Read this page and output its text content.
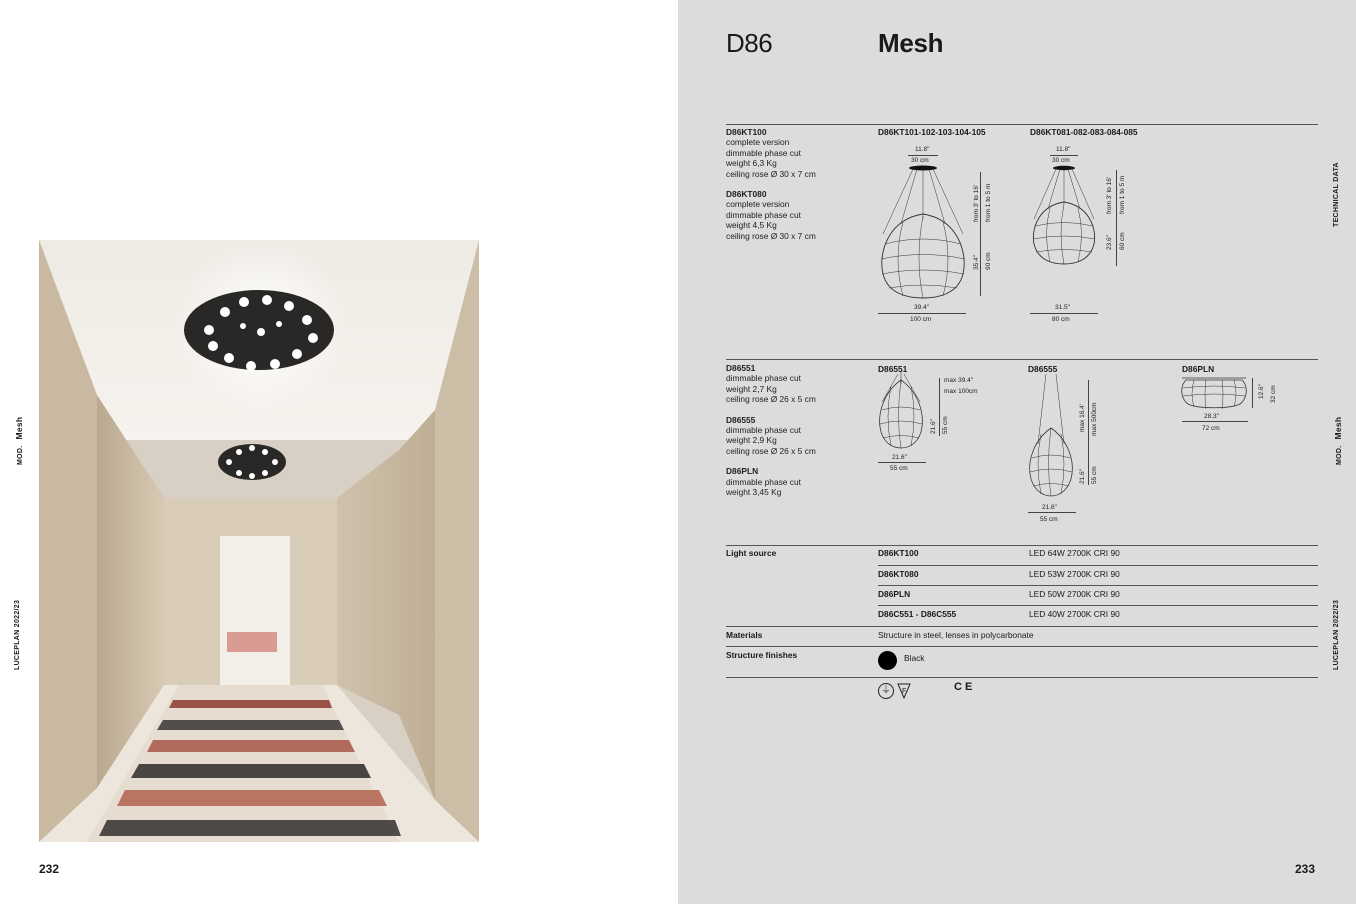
MOD.Mesh
LUCEPLAN 2022/23
232
D86	Mesh
TECHNICAL DATA
MOD.Mesh
LUCEPLAN 2022/23
D86KT100
complete version
dimmable phase cut
weight 6,3 Kg
ceiling rose Ø 30 x 7 cm
D86KT080
complete version
dimmable phase cut
weight 4,5 Kg
ceiling rose Ø 30 x 7 cm
D86KT101-102-103-104-105
11.8"
30 cm
from 3' to 16' from 1 to 5 m
35.4" 90 cm
39.4"
100 cm
D86KT081-082-083-084-085
11.8"
30 cm
from 3' to 16' from 1 to 5 m
23.6" 60 cm
31.5"
80 cm
D86551
dimmable phase cut
weight 2,7 Kg
ceiling rose Ø 26 x 5 cm
D86555
dimmable phase cut
weight 2,9 Kg
ceiling rose Ø 26 x 5 cm
D86PLN
dimmable phase cut
weight 3,45 Kg
D86551
max 39.4"
max 100cm
21.6" 55 cm
21.6"
55 cm
D86555
max 16.4' max 500cm
21.6" 55 cm
21.6"
55 cm
D86PLN
12.6" 32 cm
28.3"
72 cm
Light source	D86KT100	LED 64W 2700K CRI 90
D86KT080	LED 53W 2700K CRI 90
D86PLN	LED 50W 2700K CRI 90
D86C551 - D86C555	LED 40W 2700K CRI 90
Materials	Structure in steel, lenses in polycarbonate
Structure finishes	Black
⏚	F	C E
233
